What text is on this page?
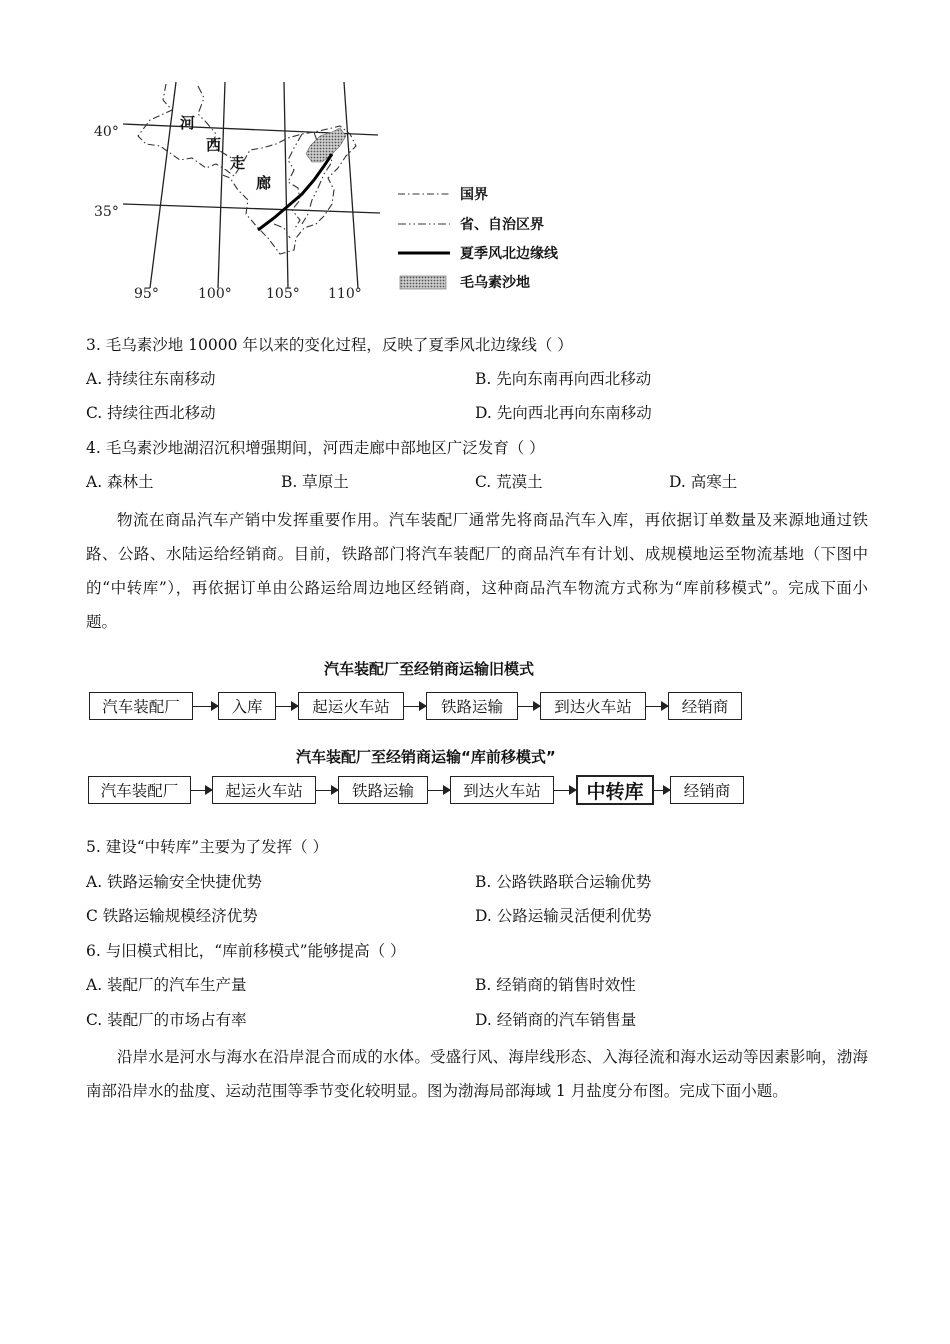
河
西
走
廊
40°
35°
95°	100° 105° 110°
国界
省、自治区界
夏季风北边缘线
毛乌素沙地
3. 毛乌素沙地 10000 年以来的变化过程，反映了夏季风北边缘线（ ）
A. 持续往东南移动	B. 先向东南再向西北移动
C. 持续往西北移动	D. 先向西北再向东南移动
4. 毛乌素沙地湖沼沉积增强期间，河西走廊中部地区广泛发育（ ）
A. 森林土	B. 草原土	C. 荒漠土	D. 高寒土
物流在商品汽车产销中发挥重要作用。汽车装配厂通常先将商品汽车入库，再依据订单数量及来源地通过铁路、公路、水陆运给经销商。目前，铁路部门将汽车装配厂的商品汽车有计划、成规模地运至物流基地（下图中的“中转库”），再依据订单由公路运给周边地区经销商，这种商品汽车物流方式称为“库前移模式”。完成下面小题。
汽车装配厂至经销商运输旧模式
汽车装配厂	入库	起运火车站	铁路运输	到达火车站	经销商
汽车装配厂至经销商运输“库前移模式”
汽车装配厂	起运火车站	铁路运输	到达火车站	中转库	经销商
5. 建设“中转库”主要为了发挥（ ）
A. 铁路运输安全快捷优势	B. 公路铁路联合运输优势
C 铁路运输规模经济优势	D. 公路运输灵活便利优势
6. 与旧模式相比，“库前移模式”能够提高（ ）
A. 装配厂的汽车生产量	B. 经销商的销售时效性
C. 装配厂的市场占有率	D. 经销商的汽车销售量
沿岸水是河水与海水在沿岸混合而成的水体。受盛行风、海岸线形态、入海径流和海水运动等因素影响，渤海南部沿岸水的盐度、运动范围等季节变化较明显。图为渤海局部海域 1 月盐度分布图。完成下面小题。
